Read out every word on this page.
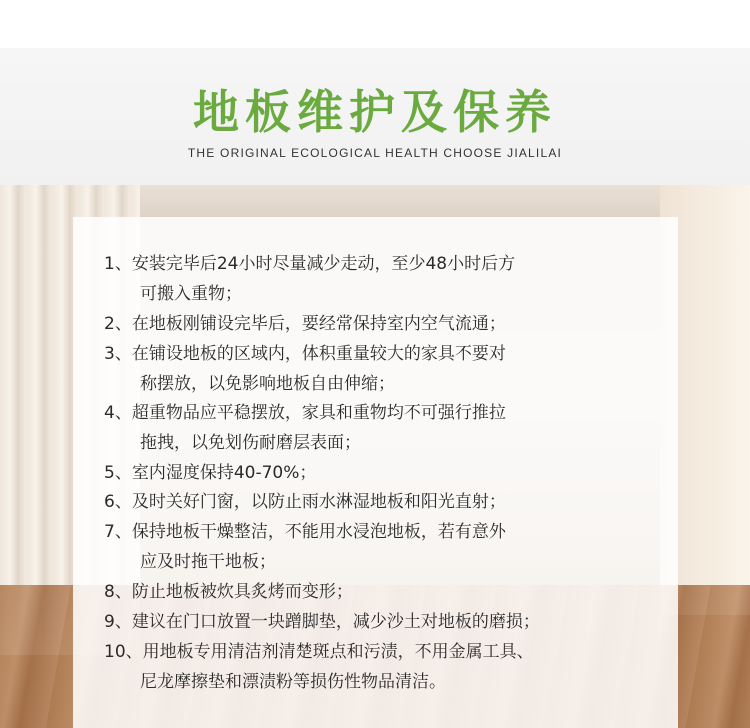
地板维护及保养
THE ORIGINAL ECOLOGICAL HEALTH CHOOSE JIALILAI
1、安装完毕后24小时尽量减少走动，至少48小时后方
可搬入重物；
2、在地板刚铺设完毕后，要经常保持室内空气流通；
3、在铺设地板的区域内，体积重量较大的家具不要对
称摆放，以免影响地板自由伸缩；
4、超重物品应平稳摆放，家具和重物均不可强行推拉
拖拽，以免划伤耐磨层表面；
5、室内湿度保持40-70%；
6、及时关好门窗，以防止雨水淋湿地板和阳光直射；
7、保持地板干燥整洁，不能用水浸泡地板，若有意外
应及时拖干地板；
8、防止地板被炊具炙烤而变形；
9、建议在门口放置一块蹭脚垫，减少沙土对地板的磨损；
10、用地板专用清洁剂清楚斑点和污渍，不用金属工具、
尼龙摩擦垫和漂渍粉等损伤性物品清洁。
